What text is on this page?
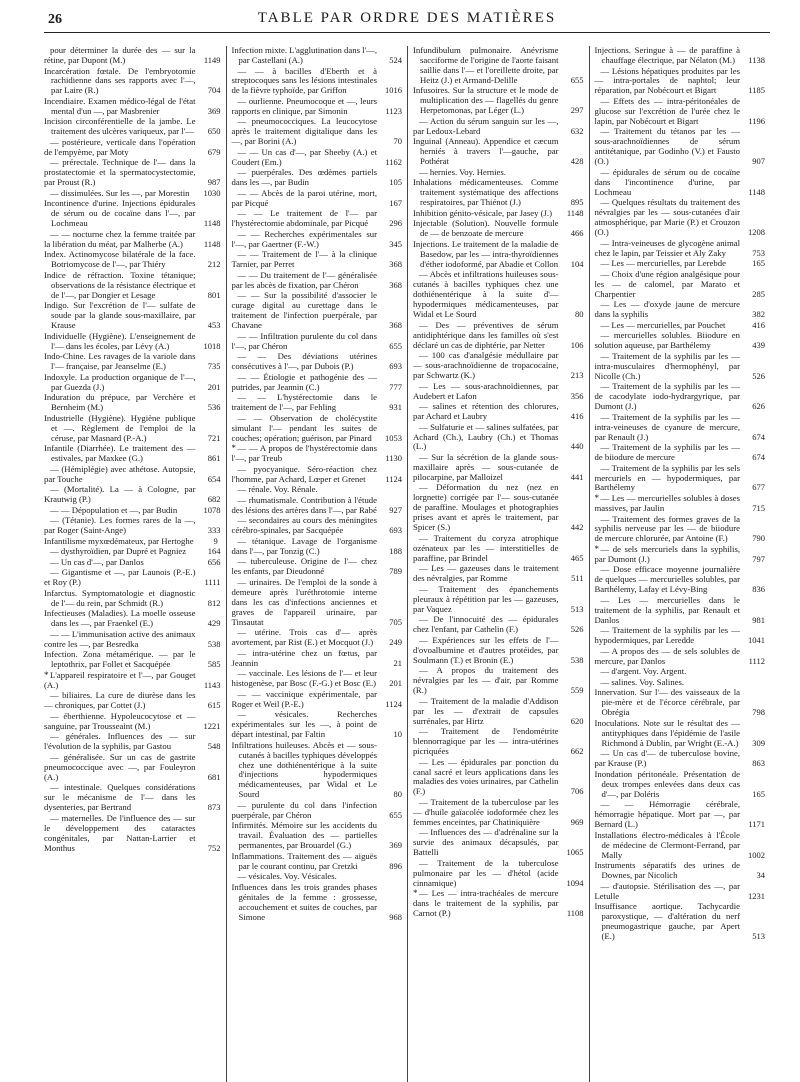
26	TABLE PAR ORDRE DES MATIÈRES
pour déterminer la durée des — sur la rétine, par Dupont (M.)	1149
Incarcération fœtale. De l'embryotomie rachidienne dans ses rapports avec l'—, par Laire (R.)	704
Incendiaire. Examen médico-légal de l'état mental d'un —, par Masbrenier	369
Incision circonférentielle de la jambe. Le traitement des ulcères variqueux, par l'— 650
— postérieure, verticale dans l'opération de l'empyème, par Moty	679
— prérectale. Technique de l'— dans la prostatectomie et la spermatocystectomie, par Proust (R.)	987
— dissimulées. Sur les —, par Morestin	1030
Incontinence d'urine. Injections épidurales de sérum ou de cocaïne dans l'—, par Lochmeau	1148
— — nocturne chez la femme traitée par la libération du méat, par Malherbe (A.)	1148
Index. Actinomycose bilatérale de la face. Botriomycose de l'—, par Thiéry	212
Indice de réfraction. Toxine tétanique; observations de la résistance électrique et de l'—, par Dongier et Lesage	801
Indigo. Sur l'excrétion de l'— sulfate de soude par la glande sous-maxillaire, par Krause	453
Individuelle (Hygiène). L'enseignement de l'— dans les écoles, par Lévy (A.)	1018
Indo-Chine. Les ravages de la variole dans l'— française, par Jeanselme (E.)	735
Indoxyle. La production organique de l'—, par Guezda (J.)	201
Induration du prépuce, par Verchère et Bernheim (M.)	536
Industrielle (Hygiène). Hygiène publique et —. Règlement de l'emploi de la céruse, par Masnard (P.-A.)	721
Infantile (Diarrhée). Le traitement des — estivales, par Maxkee (G.)	861
— (Hémiplégie) avec athétose. Autopsie, par Touche	654
— (Mortalité). La — à Cologne, par Krautwig (P.)	682
— — Dépopulation et —, par Budin	1078
— (Tétanie). Les formes rares de la —, par Roger (Saint-Ange)	333
Infantilisme myxœdémateux, par Hertoghe 9
— dysthyroïdien, par Dupré et Pagniez	164
— Un cas d'—, par Danlos	656
— Gigantisme et —, par Launois (P.-E.) et Roy (P.)	1111
Infarctus. Symptomatologie et diagnostic de l'— du rein, par Schmidt (R.)	812
Infectieuses (Maladies). La moelle osseuse dans les —, par Fraenkel (E.)	429
— — L'immunisation active des animaux contre les —, par Besredka	538
Infection. Zona métamérique. — par le leptothrix, par Follet et Sacquépée	585
* L'appareil respiratoire et l'—, par Gouget (A.)	1143
— biliaires. La cure de diurèse dans les — chroniques, par Cottet (J.)	615
— éberthienne. Hypoleucocytose et — sanguine, par Trousseaint (M.)	1221
— générales. Influences des — sur l'évolution de la syphilis, par Gastou	548
— généralisée. Sur un cas de gastrite pneumococcique avec —, par Fouleyron (A.)	681
— intestinale. Quelques considérations sur le mécanisme de l'— dans les dysenteries, par Bertrand	873
— maternelles. De l'influence des — sur le développement des cataractes congénitales, par Nattan-Larrier et Monthus	752
Infection mixte. L'agglutination dans l'—, par Castellani (A.)	524
— — à bacilles d'Eberth et à streptocoques sans les lésions intestinales de la fièvre typhoïde, par Griffon	1016
— ourlienne. Pneumocoque et —, leurs rapports en clinique, par Simonin	1123
— pneumococciques. La leucocytose après le traitement digitalique dans les —, par Borini (A.)	70
— — Un cas d'—, par Sheeby (A.) et Coudert (Em.)	1162
— puerpérales. Des œdèmes partiels dans les —, par Budin	105
— — Abcès de la paroi utérine, mort, par Picqué	167
— — Le traitement de l'— par l'hystérectomie abdominale, par Picqué	296
— — Recherches expérimentales sur l'—, par Gaertner (F.-W.)	345
— — Traitement de l'— à la clinique Tarnier, par Perret	368
— — Du traitement de l'— généralisée par les abcès de fixation, par Chéron	368
— — Sur la possibilité d'associer le curage digital au curettage dans le traitement de l'infection puerpérale, par Chavane	368
— — Infiltration purulente du col dans l'—, par Chéron	655
— — Des déviations utérines consécutives à l'—, par Dubois (P.)	693
— — Étiologie et pathogénie des — putrides, par Jeannin (C.)	777
— — L'hystérectomie dans le traitement de l'—, par Fehling	931
— — Observation de cholécystite simulant l'— pendant les suites de couches; opération; guérison, par Pinard	1053
* — — A propos de l'hystérectomie dans l'—, par Treub	1130
— pyocyanique. Séro-réaction chez l'homme, par Achard, Lœper et Grenet	1124
— rénale. Voy. Rénale.
— rhumatismale. Contribution à l'étude des lésions des artères dans l'—, par Rabé	927
— secondaires au cours des méningites cérébro-spinales, par Sacquépée	693
— tétanique. Lavage de l'organisme dans l'—, par Tonzig (C.)	188
— tuberculeuse. Origine de l'— chez les enfants, par Dieudonné	789
— urinaires. De l'emploi de la sonde à demeure après l'uréthrotomie interne dans les cas d'infections anciennes et graves de l'appareil urinaire, par Tinsautat	705
— utérine. Trois cas d'— après avortement, par Rist (E.) et Mocquot (J.)	249
— intra-utérine chez un fœtus, par Jeannin	21
— vaccinale. Les lésions de l'— et leur histogenèse, par Bosc (F.-G.) et Bosc (E.)	201
— — vaccinique expérimentale, par Roger et Weil (P.-E.)	1124
— vésicales. Recherches expérimentales sur les —, à point de départ intestinal, par Faltin	10
Infiltrations huileuses. Abcès et — sous-cutanés à bacilles typhiques développés chez une dothiénentérique à la suite d'injections hypodermiques médicamenteuses, par Widal et Le Sourd	80
— purulente du col dans l'infection puerpérale, par Chéron	655
Infirmités. Mémoire sur les accidents du travail. Évaluation des — partielles permanentes, par Brouardel (G.)	369
Inflammations. Traitement des — aiguës par le courant continu, par Cretzki	896
— vésicales. Voy. Vésicales.
Influences dans les trois grandes phases génitales de la femme : grossesse, accouchement et suites de couches, par Simone	968
Infundibulum pulmonaire. Anévrisme sacciforme de l'origine de l'aorte faisant saillie dans l'— et l'oreillette droite, par Heitz (J.) et Armand-Delille	655
Infusoires. Sur la structure et le mode de multiplication des — flagellés du genre Herpetomonas, par Léger (L.)	297
— Action du sérum sanguin sur les —, par Ledoux-Lebard	632
Inguinal (Anneau). Appendice et cæcum herniés à travers l'—gauche, par Pothérat	428
— hernies. Voy. Hernies.
Inhalations médicamenteuses. Comme traitement systématique des affections respiratoires, par Thiénot (J.)	895
Inhibition génito-vésicale, par Jasey (J.) 1148
Injectable (Solution). Nouvelle formule de — de benzoate de mercure	466
Injections. Le traitement de la maladie de Basedow, par les — intra-thyroïdiennes d'éther iodoformé, par Abadie et Collon 104
— Abcès et infiltrations huileuses sous-cutanés à bacilles typhiques chez une dothiénentérique à la suite d'— hypodermiques médicamenteuses, par Widal et Le Sourd	80
— Des — préventives de sérum antidiphtérique dans les familles où s'est déclaré un cas de diphtérie, par Netter	106
— 100 cas d'analgésie médullaire par — sous-arachnoïdienne de tropacocaïne, par Schwartz (K.)	213
— Les — sous-arachnoïdiennes, par Audebert et Lafon	356
— salines et rétention des chlorures, par Achard et Laubry	416
— Sulfaturie et — salines sulfatées, par Achard (Ch.), Laubry (Ch.) et Thomas (L.)	440
— Sur la sécrétion de la glande sous-maxillaire après — sous-cutanée de pilocarpine, par Malloizel	441
— Déformation du nez (nez en lorgnette) corrigée par l'— sous-cutanée de paraffine. Moulages et photographies prises avant et après le traitement, par Spicer (S.)	442
— Traitement du coryza atrophique ozénateux par les — interstitielles de paraffine, par Brindel	465
— Les — gazeuses dans le traitement des névralgies, par Romme	511
— Traitement des épanchements pleuraux à répétition par les — gazeuses, par Vaquez	513
— De l'innocuité des — épidurales chez l'enfant, par Cathelin (F.)	526
— Expériences sur les effets de l'— d'ovoalbumine et d'autres protéides, par Soulmann (T.) et Bronin (E.)	538
— A propos du traitement des névralgies par les — d'air, par Romme (R.)	559
— Traitement de la maladie d'Addison par les — d'extrait de capsules surrénales, par Hirtz	620
— Traitement de l'endométrite blennorragique par les — intra-utérines picriquées	662
— Les — épidurales par ponction du canal sacré et leurs applications dans les maladies des voies urinaires, par Cathelin (F.)	706
— Traitement de la tuberculose par les — d'huile gaïacolée iodoformée chez les femmes enceintes, par Chatiniquière	969
— Influences des — d'adrénaline sur la survie des animaux décapsulés, par Battelli	1065
— Traitement de la tuberculose pulmonaire par les — d'hétol (acide cinnamique)	1094
* — Les — intra-trachéales de mercure dans le traitement de la syphilis, par Carnot (P.)	1108
Injections. Seringue à — de paraffine à chauffage électrique, par Nélaton (M.) 1138
— Lésions hépatiques produites par les — intra-portales de naphtol; leur réparation, par Nobécourt et Bigart	1185
— Effets des — intra-péritonéales de glucose sur l'excrétion de l'urée chez le lapin, par Nobécourt et Bigart	1196
— Traitement du tétanos par les — sous-arachnoïdiennes de sérum antitétanique, par Godinho (V.) et Fausto (O.)	907
— épidurales de sérum ou de cocaïne dans l'incontinence d'urine, par Lochmeau	1148
— Quelques résultats du traitement des névralgies par les — sous-cutanées d'air atmosphérique, par Marie (P.) et Crouzon (O.)	1208
— Intra-veineuses de glycogène animal chez le lapin, par Teissier et Aly Zaky	753
— Les — mercurielles, par Lerebde	165
— Choix d'une région analgésique pour les — de calomel, par Marato et Charpentier	285
— Les — d'oxyde jaune de mercure dans la syphilis	382
— Les — mercurielles, par Pouchet	416
— mercurielles solubles. Biiodure en solution aqueuse, par Barthélemy	439
— Traitement de la syphilis par les — intra-musculaires d'hermophényl, par Nicolle (Ch.)	526
— Traitement de la syphilis par les — de cacodylate iodo-hydrargyrique, par Dumont (J.)	626
— Traitement de la syphilis par les — intra-veineuses de cyanure de mercure, par Renault (J.)	674
— Traitement de la syphilis par les — de biiodure de mercure	674
— Traitement de la syphilis par les sels mercuriels en — hypodermiques, par Barthélemy	677
* — Les — mercurielles solubles à doses massives, par Jaulin	715
— Traitement des formes graves de la syphilis nerveuse par les — de biiodure de mercure chlorurée, par Antoine (F.)	790
* — de sels mercuriels dans la syphilis, par Dumont (J.)	797
— Dose efficace moyenne journalière de quelques — mercurielles solubles, par Barthélemy, Lafay et Lévy-Bing	836
— Les — mercurielles dans le traitement de la syphilis, par Renault et Danlos	981
— Traitement de la syphilis par les — hypodermiques, par Leredde	1041
— A propos des — de sels solubles de mercure, par Danlos	1112
— d'argent. Voy. Argent.
— salines. Voy. Salines.
Innervation. Sur l'— des vaisseaux de la pie-mère et de l'écorce cérébrale, par Obrégia	798
Inoculations. Note sur le résultat des — antityphiques dans l'épidémie de l'asile Richmond à Dublin, par Wright (E.-A.) 309
— Un cas d'— de tuberculose bovine, par Krause (P.)	863
Inondation péritonéale. Présentation de deux trompes enlevées dans deux cas d'—, par Doléris	165
— — Hémorragie cérébrale, hémorragie hépatique. Mort par —, par Bernard (L.)	1171
Installations électro-médicales à l'École de médecine de Clermont-Ferrand, par Mally	1002
Instruments séparatifs des urines de Downes, par Nicolich	34
— d'autopsie. Stérilisation des —, par Letulle	1231
Insuffisance aortique. Tachycardie paroxystique, — d'altération du nerf pneumogastrique gauche, par Apert (E.)	513
